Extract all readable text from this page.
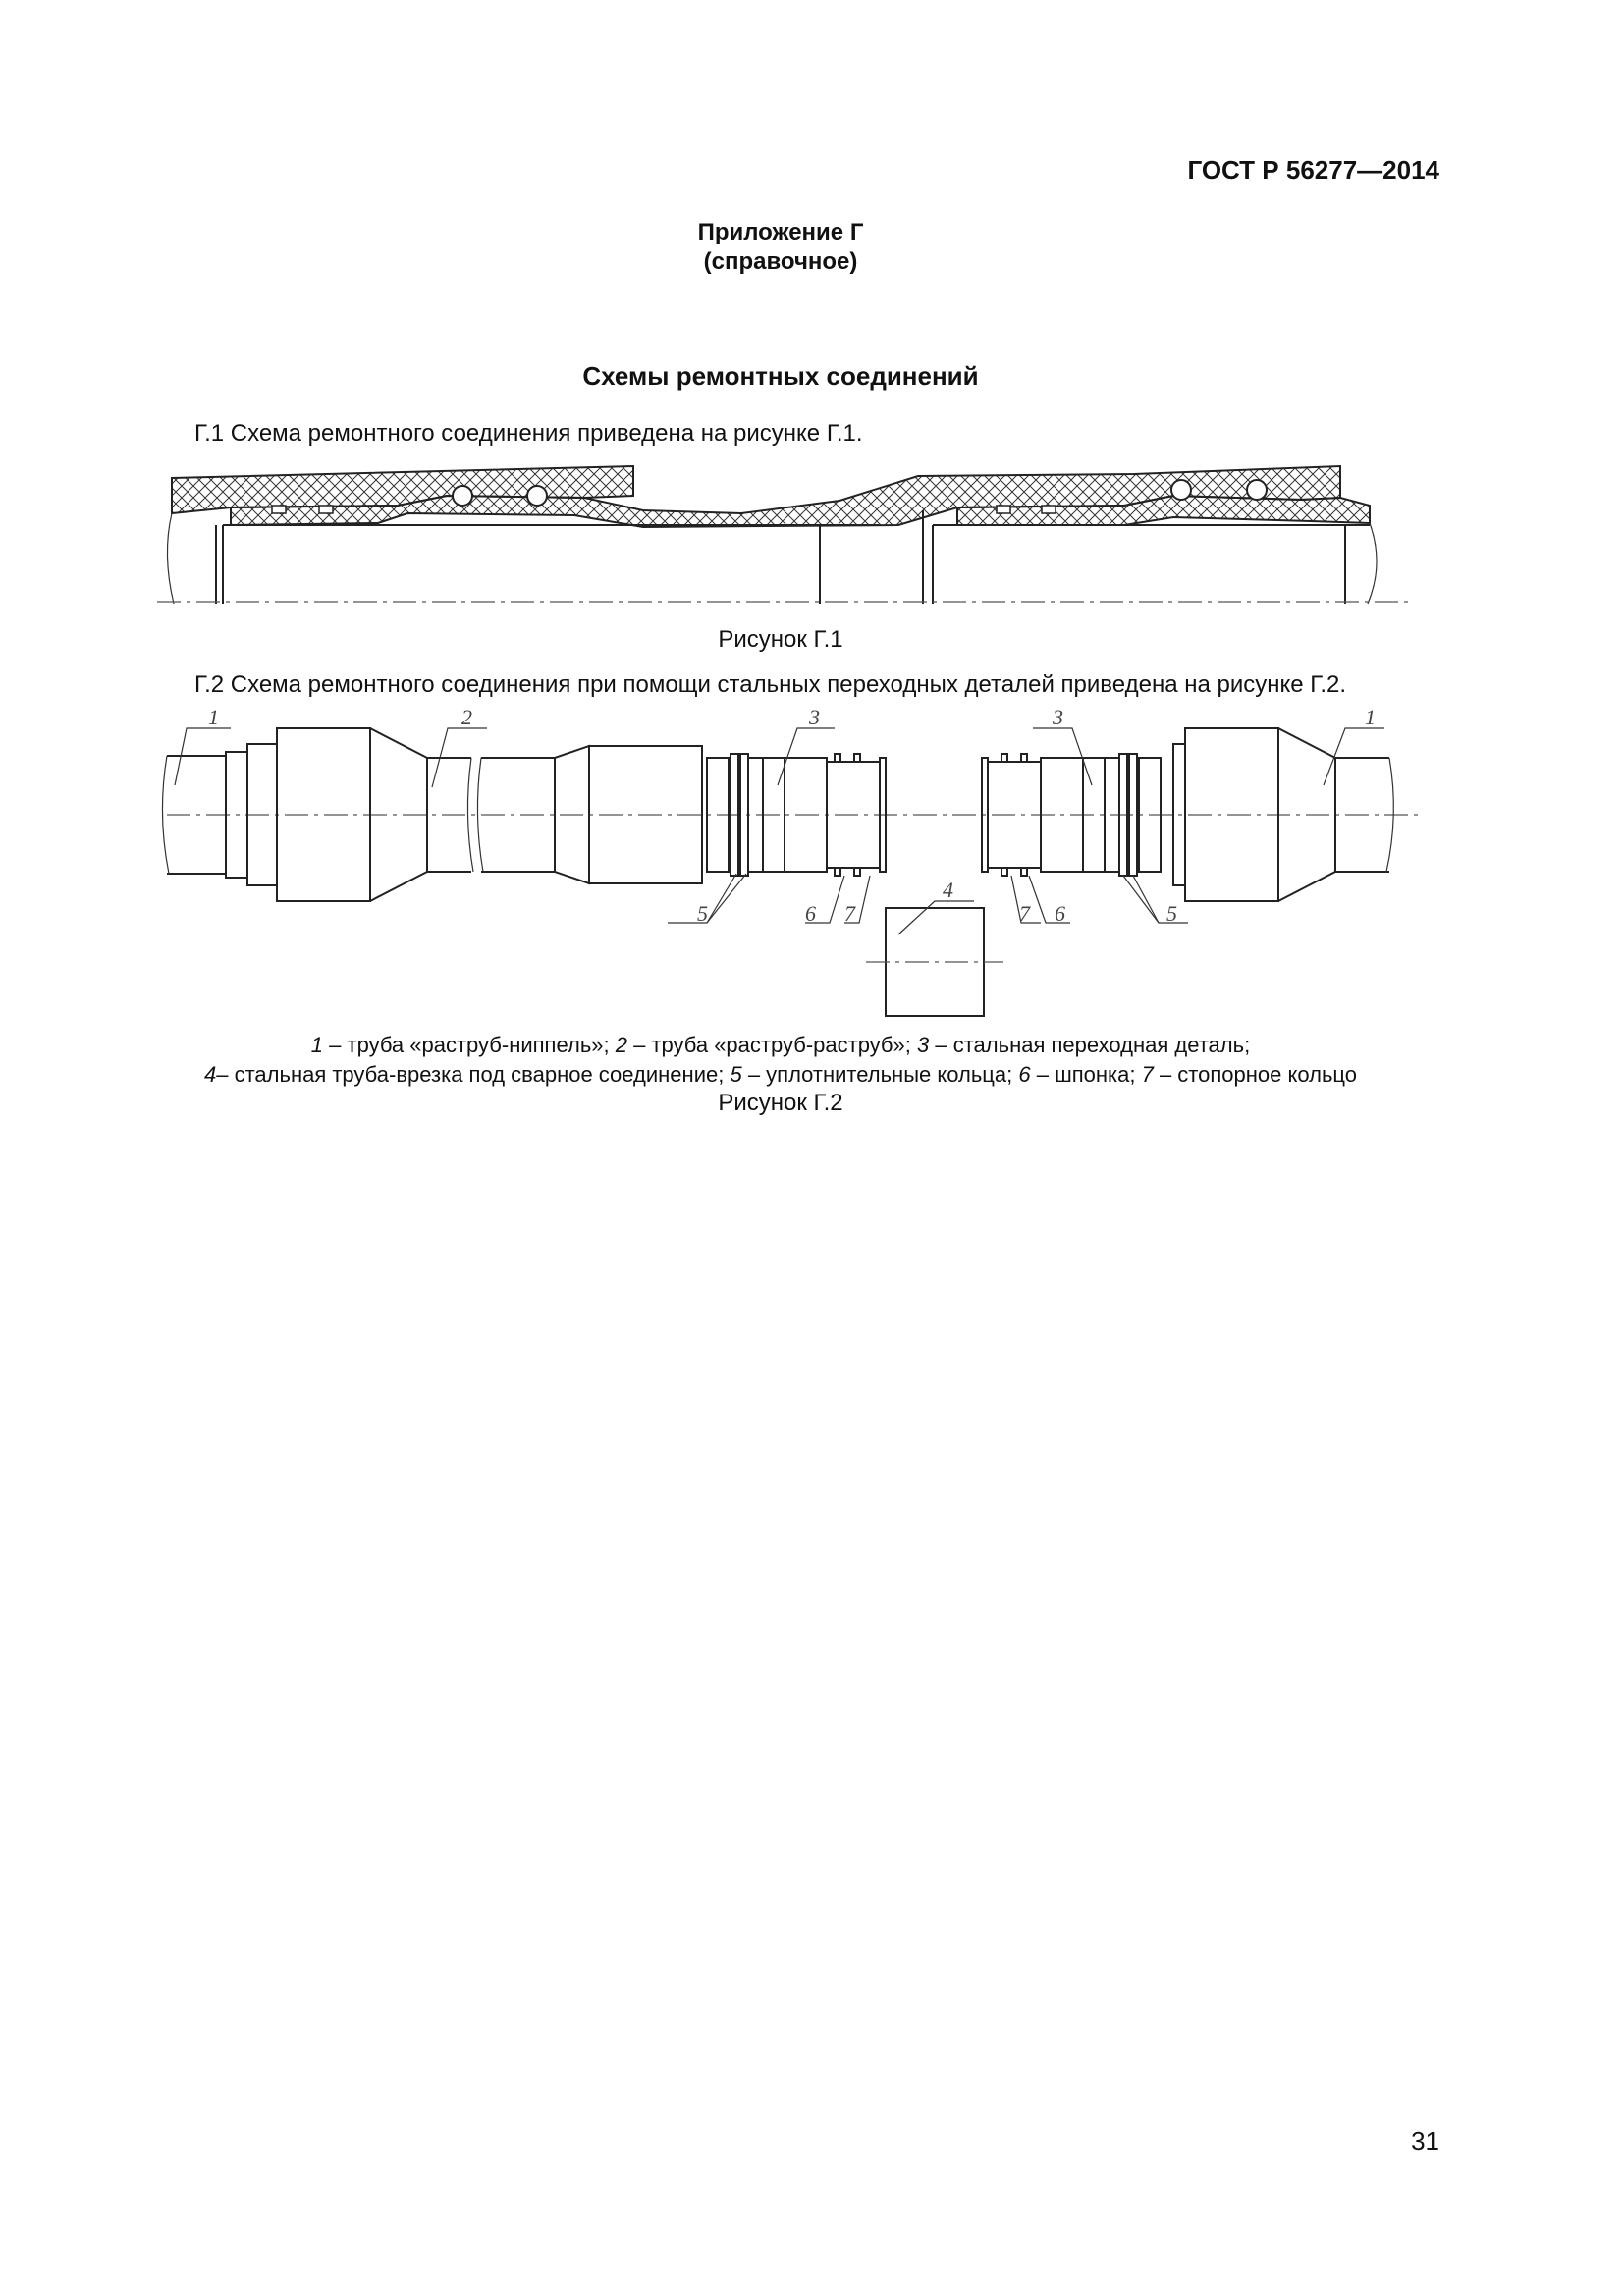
ГОСТ Р 56277—2014
Приложение Г
(справочное)
Схемы ремонтных соединений
Г.1 Схема ремонтного соединения приведена на рисунке Г.1.
Рисунок Г.1
Г.2 Схема ремонтного соединения при помощи стальных переходных деталей приведена на рисунке Г.2.
1	2	3	3	1
4
5	6 7	7 6	5
1 – труба «раструб-ниппель»; 2 – труба «раструб-раструб»; 3 – стальная переходная деталь;
4– стальная труба-врезка под сварное соединение; 5 – уплотнительные кольца; 6 – шпонка; 7 – стопорное кольцо
Рисунок Г.2
31
